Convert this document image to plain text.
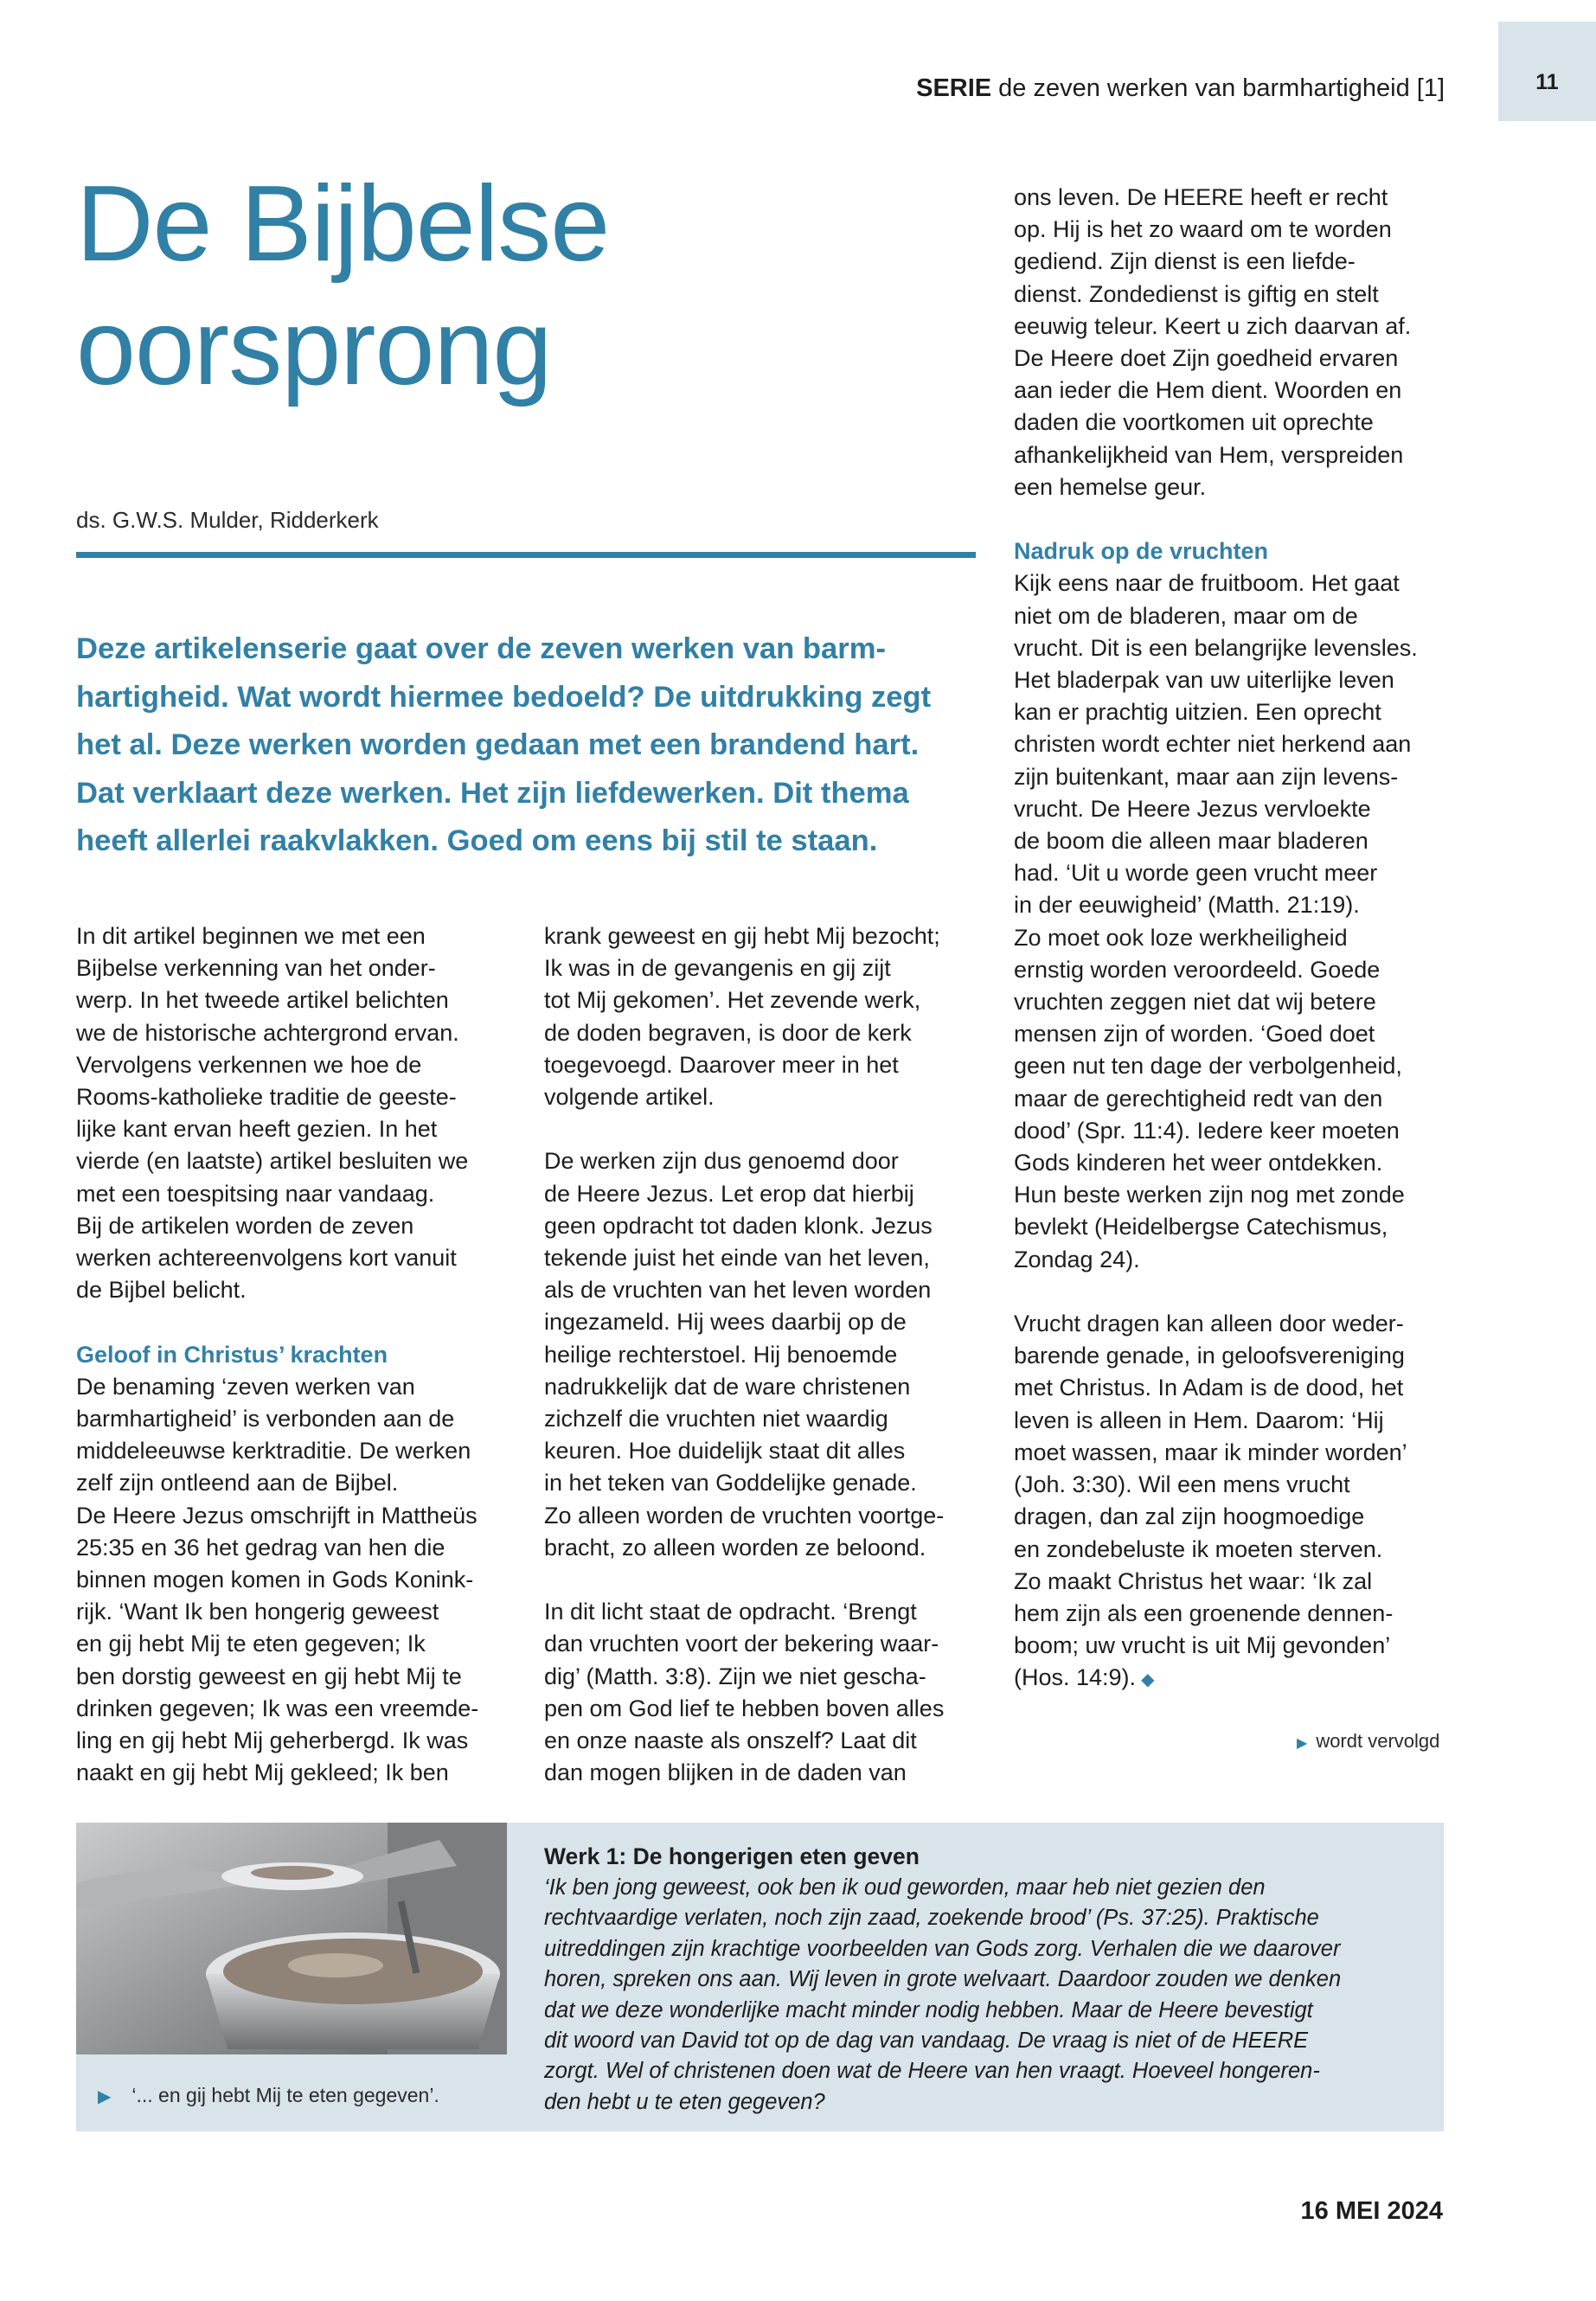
11
SERIE de zeven werken van barmhartigheid [1]
De Bijbelse
oorsprong
ds. G.W.S. Mulder, Ridderkerk
Deze artikelenserie gaat over de zeven werken van barm-
hartigheid. Wat wordt hiermee bedoeld? De uitdrukking zegt
het al. Deze werken worden gedaan met een brandend hart.
Dat verklaart deze werken. Het zijn liefdewerken. Dit thema
heeft allerlei raakvlakken. Goed om eens bij stil te staan.
In dit artikel beginnen we met een
Bijbelse verkenning van het onder-
werp. In het tweede artikel belichten
we de historische achtergrond ervan.
Vervolgens verkennen we hoe de
Rooms-katholieke traditie de geeste-
lijke kant ervan heeft gezien. In het
vierde (en laatste) artikel besluiten we
met een toespitsing naar vandaag.
Bij de artikelen worden de zeven
werken achtereenvolgens kort vanuit
de Bijbel belicht.
Geloof in Christus’ krachten
De benaming ‘zeven werken van
barmhartigheid’ is verbonden aan de
middeleeuwse kerktraditie. De werken
zelf zijn ontleend aan de Bijbel.
De Heere Jezus omschrijft in Mattheüs
25:35 en 36 het gedrag van hen die
binnen mogen komen in Gods Konink-
rijk. ‘Want Ik ben hongerig geweest
en gij hebt Mij te eten gegeven; Ik
ben dorstig geweest en gij hebt Mij te
drinken gegeven; Ik was een vreemde-
ling en gij hebt Mij geherbergd. Ik was
naakt en gij hebt Mij gekleed; Ik ben
krank geweest en gij hebt Mij bezocht;
Ik was in de gevangenis en gij zijt
tot Mij gekomen’. Het zevende werk,
de doden begraven, is door de kerk
toegevoegd. Daarover meer in het
volgende artikel.
De werken zijn dus genoemd door
de Heere Jezus. Let erop dat hierbij
geen opdracht tot daden klonk. Jezus
tekende juist het einde van het leven,
als de vruchten van het leven worden
ingezameld. Hij wees daarbij op de
heilige rechterstoel. Hij benoemde
nadrukkelijk dat de ware christenen
zichzelf die vruchten niet waardig
keuren. Hoe duidelijk staat dit alles
in het teken van Goddelijke genade.
Zo alleen worden de vruchten voortge-
bracht, zo alleen worden ze beloond.
In dit licht staat de opdracht. ‘Brengt
dan vruchten voort der bekering waar-
dig’ (Matth. 3:8). Zijn we niet gescha-
pen om God lief te hebben boven alles
en onze naaste als onszelf? Laat dit
dan mogen blijken in de daden van
ons leven. De HEERE heeft er recht
op. Hij is het zo waard om te worden
gediend. Zijn dienst is een liefde-
dienst. Zondedienst is giftig en stelt
eeuwig teleur. Keert u zich daarvan af.
De Heere doet Zijn goedheid ervaren
aan ieder die Hem dient. Woorden en
daden die voortkomen uit oprechte
afhankelijkheid van Hem, verspreiden
een hemelse geur.
Nadruk op de vruchten
Kijk eens naar de fruitboom. Het gaat
niet om de bladeren, maar om de
vrucht. Dit is een belangrijke levensles.
Het bladerpak van uw uiterlijke leven
kan er prachtig uitzien. Een oprecht
christen wordt echter niet herkend aan
zijn buitenkant, maar aan zijn levens-
vrucht. De Heere Jezus vervloekte
de boom die alleen maar bladeren
had. ‘Uit u worde geen vrucht meer
in der eeuwigheid’ (Matth. 21:19).
Zo moet ook loze werkheiligheid
ernstig worden veroordeeld. Goede
vruchten zeggen niet dat wij betere
mensen zijn of worden. ‘Goed doet
geen nut ten dage der verbolgenheid,
maar de gerechtigheid redt van den
dood’ (Spr. 11:4). Iedere keer moeten
Gods kinderen het weer ontdekken.
Hun beste werken zijn nog met zonde
bevlekt (Heidelbergse Catechismus,
Zondag 24).
Vrucht dragen kan alleen door weder-
barende genade, in geloofsvereniging
met Christus. In Adam is de dood, het
leven is alleen in Hem. Daarom: ‘Hij
moet wassen, maar ik minder worden’
(Joh. 3:30). Wil een mens vrucht
dragen, dan zal zijn hoogmoedige
en zondebeluste ik moeten sterven.
Zo maakt Christus het waar: ‘Ik zal
hem zijn als een groenende dennen-
boom; uw vrucht is uit Mij gevonden’
(Hos. 14:9). ◆
▶ wordt vervolgd
▶ ‘... en gij hebt Mij te eten gegeven’.
Werk 1: De hongerigen eten geven
‘Ik ben jong geweest, ook ben ik oud geworden, maar heb niet gezien den
rechtvaardige verlaten, noch zijn zaad, zoekende brood’ (Ps. 37:25). Praktische
uitreddingen zijn krachtige voorbeelden van Gods zorg. Verhalen die we daarover
horen, spreken ons aan. Wij leven in grote welvaart. Daardoor zouden we denken
dat we deze wonderlijke macht minder nodig hebben. Maar de Heere bevestigt
dit woord van David tot op de dag van vandaag. De vraag is niet of de HEERE
zorgt. Wel of christenen doen wat de Heere van hen vraagt. Hoeveel hongeren-
den hebt u te eten gegeven?
16 MEI 2024
